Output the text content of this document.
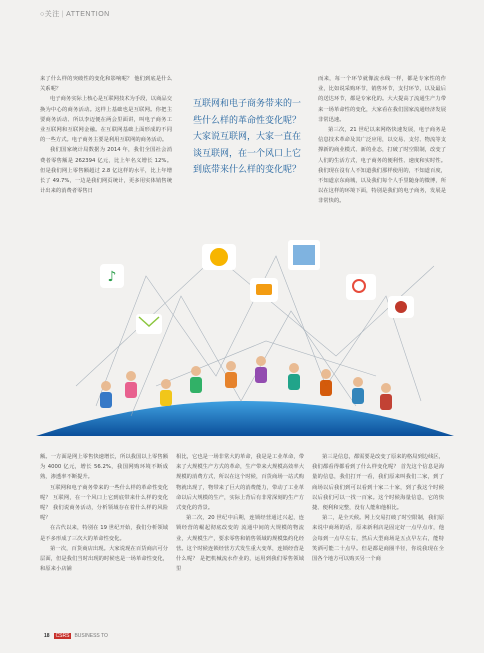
○关注 | ATTENTION

来了什么样的突破性的变化和影响呢？ 他们到底是什么关系呢？

电子商务实际上核心是互联网技术为手段，以商品交换为中心的商务活动。这样上基础也是互联网。你把主要商务活动、所以李迈便在两会里面讲，叫电子商务工业互联网和互联网金融。在互联网基础上面形成的不同的一些方式。电子商务主要是利用互联网的商务活动。

我们国家统计局数据为 2014 年，我们全国社会消费者零售额是 262394 亿元，比上年名义增长 12%。但是我们网上零售额超过 2.8 亿这样的水平，比上年增长了 49.7%，一边是我们网页统计，更多用实体销售统计出来的消费者零售日

互联网和电子商务带来的一些什么样的革命性变化呢？大家说互联网，大家一直在谈互联网，在一个风口上它到底带来什么样的变化呢？

而来，每一个环节就像流水线一样，都是专家性的作业，比如说采购环节，销售环节，支付环节，以及最后的送达环节，都是专家化的。大大提高了流通生产力带来一场革命性的变化，大家看在我们国家流通经济发展非常迅速。

第三次，21 世纪以来网络快速发展，电子商务是信息技术革命及其广泛应用，以交易、支付、物流等支撑新的商业模式、新的业态，打破了时空限制，改变了人们的生活方式，电子商务的便利性、速度和实时性。我们现在沒有人不知道我们那样使用的，不知道百度，不知道京东商城，以及我们每个人手里随身的微博，所以在这样的环境下面，特别是我们的电子商务，发展是非常快的。

♪

额。一方面是网上零售快速增长，所以我国以上零售额为 4000 亿元，增长 56.2%，我国网购环境不断成熟，渗透率不断提升。

互联网和电子商务带来的一些什么样的革命性变化呢？ 互联网，在一个风口上它到底带来什么样的变化呢？ 我们说商务活动，分析领域存在着什么样的风险呢？

在古代以来，特别在 19 世纪开始，我们分析领域是不多形成了三次大的革命性变化。

第一次，百货商店出现。大家说现在百货商店可分层面，但是我们当时出现的时候也是一场革命性变化，和原来小店铺

相比，它也是一场非常大的革命，我是是工业革命，带来了大规模生产方式的革命，生产带来大规模高效率大规模的消费方式，所以在这个时候，百货商场一站式购物就出现了，物带来了巨大的消费能力，带动了工业革命以后大规模的生产，实际上背后有非常深刻的生产方式变化的背景。

第二次，20 世纪中后期，连锁经营通过兴起，连锁经营的崛起彻底改变的 流通中间的大规模的物流业，大规模生产，要求零售和销售领域的规模集约化经营。这个时候连锁经营方式发生重大变革，连锁经营是什么呢？ 是把机械流水作业的，运用到我们零售领域里

第三是信息，都需要是改变了原来的格局到边线区，我们都看得都看到了什么样变化呢？ 首先这个信息是海量的信息，我们打开一看，我们原来叫我们二家，到了商场以后我们到可以看到十家二十家，到了我这个时候以后我们可以一找一百家。这个时候海量信息，它的快捷、便利和完整，没有人能和他相比。

第二，是全天候。网上交易打破了时空限制，我们原来说中商场的话，原来新利店是固定好一点早点市，他会每到一点早左右，然后大型商场是五点早左右，能特笑酒可能二十点早。但是都是商圈半径，你说我现在全国各个地方可以购买另一个商

18 CSRS BUSINESS TO
